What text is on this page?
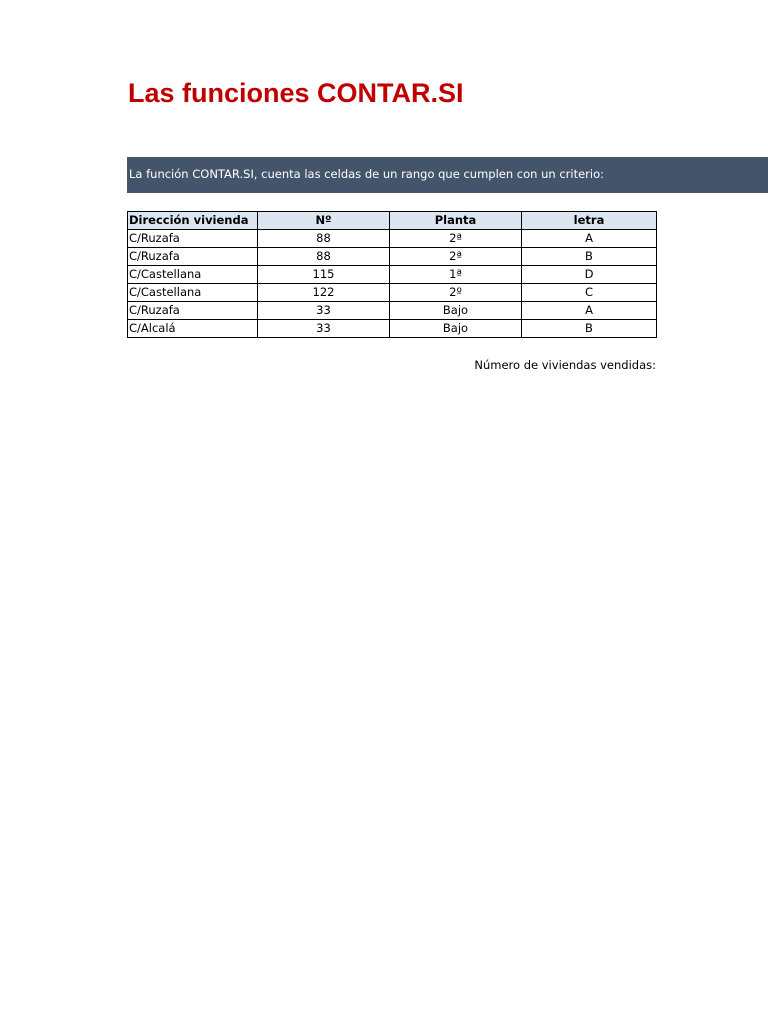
Las funciones CONTAR.SI
La función CONTAR.SI, cuenta las celdas de un rango que cumplen con un criterio:
Dirección vivienda	Nº	Planta	letra
C/Ruzafa	88	2ª	A
C/Ruzafa	88	2ª	B
C/Castellana	115	1ª	D
C/Castellana	122	2º	C
C/Ruzafa	33	Bajo	A
C/Alcalá	33	Bajo	B
Número de viviendas vendidas:
